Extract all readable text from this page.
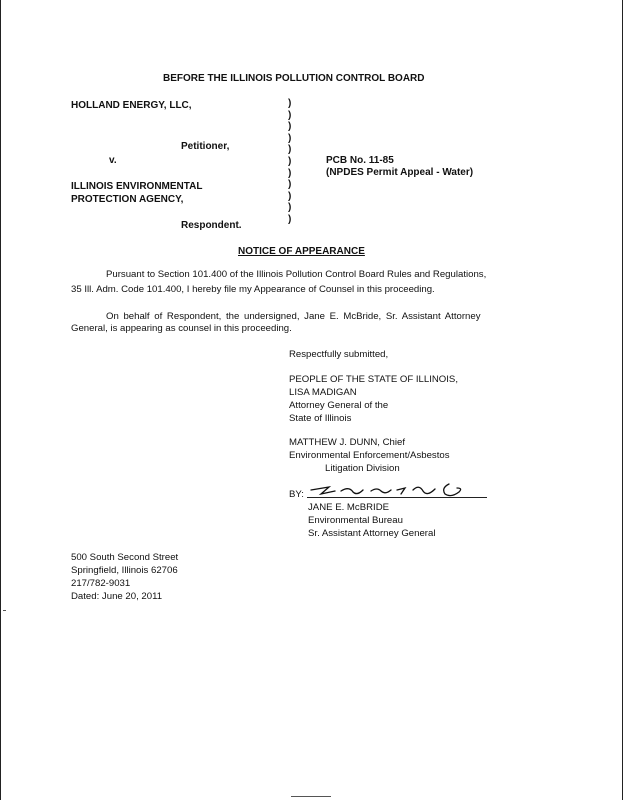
BEFORE THE ILLINOIS POLLUTION CONTROL BOARD
HOLLAND ENERGY, LLC,
Petitioner,
v.
ILLINOIS ENVIRONMENTAL
PROTECTION AGENCY,
Respondent.
)
)
)
)
)
)
)
)
)
)
)
PCB No. 11-85
(NPDES Permit Appeal - Water)
NOTICE OF APPEARANCE
Pursuant to Section 101.400 of the Illinois Pollution Control Board Rules and Regulations,
35 Ill. Adm. Code 101.400, I hereby file my Appearance of Counsel in this proceeding.
On behalf of Respondent, the undersigned, Jane E. McBride, Sr. Assistant Attorney
General, is appearing as counsel in this proceeding.
Respectfully submitted,
PEOPLE OF THE STATE OF ILLINOIS,
LISA MADIGAN
Attorney General of the
State of Illinois
MATTHEW J. DUNN, Chief
Environmental Enforcement/Asbestos
Litigation Division
BY:
JANE E. McBRIDE
Environmental Bureau
Sr. Assistant Attorney General
500 South Second Street
Springfield, Illinois 62706
217/782-9031
Dated: June 20, 2011
